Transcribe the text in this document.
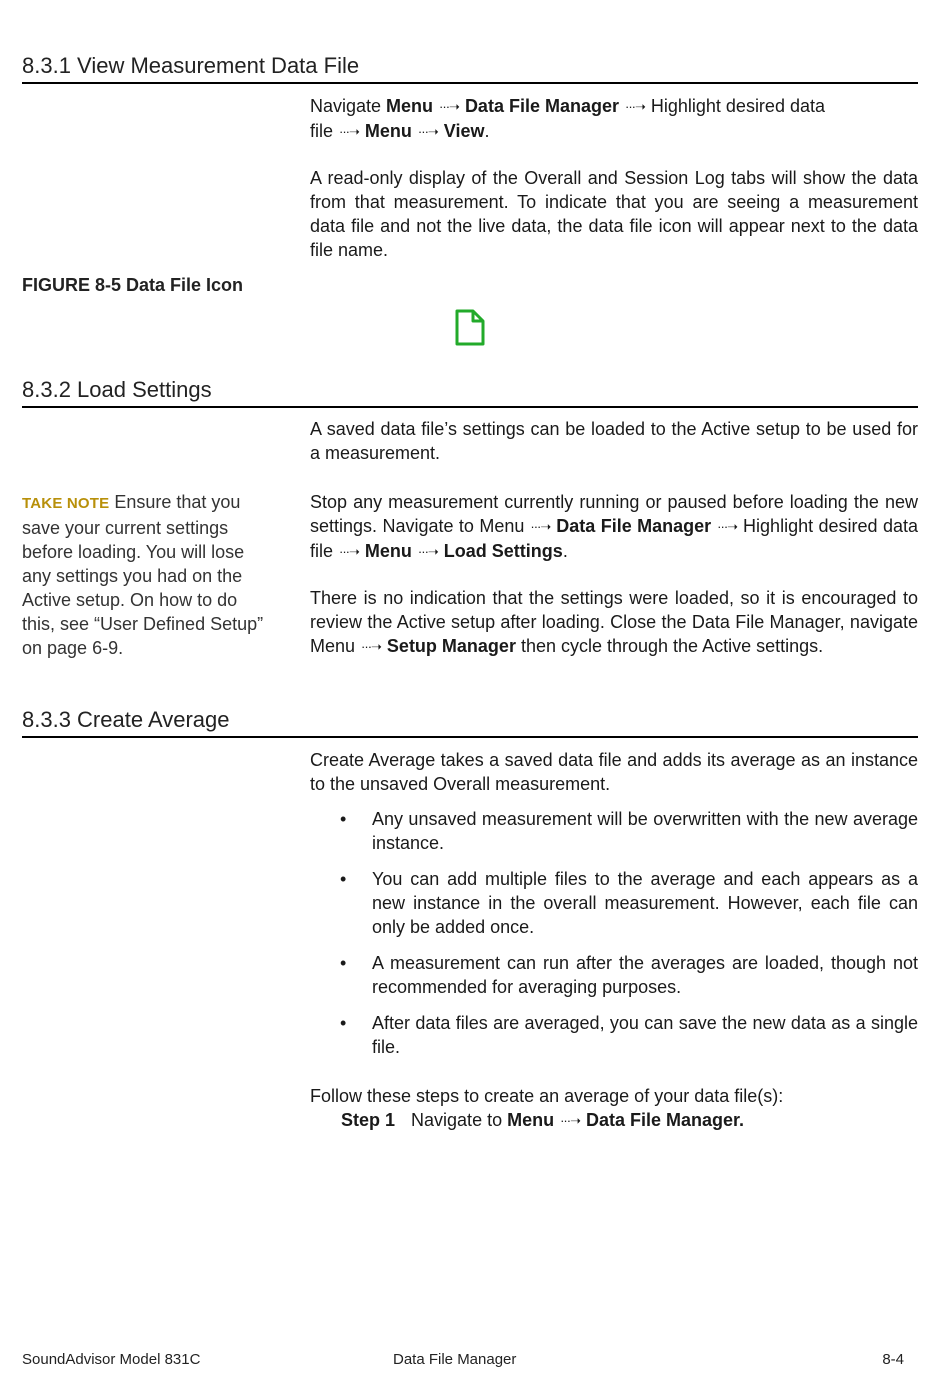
8.3.1 View Measurement Data File

Navigate Menu ···➝ Data File Manager ···➝ Highlight desired data file ···➝ Menu ···➝ View.

A read-only display of the Overall and Session Log tabs will show the data from that measurement. To indicate that you are seeing a measurement data file and not the live data, the data file icon will appear next to the data file name.

FIGURE 8-5 Data File Icon

8.3.2 Load Settings

A saved data file’s settings can be loaded to the Active setup to be used for a measurement.

TAKE NOTE Ensure that you save your current settings before loading. You will lose any settings you had on the Active setup. On how to do this, see “User Defined Setup” on page 6-9.

Stop any measurement currently running or paused before loading the new settings. Navigate to Menu ···➝ Data File Manager ···➝ Highlight desired data file ···➝ Menu ···➝ Load Settings.

There is no indication that the settings were loaded, so it is encouraged to review the Active setup after loading. Close the Data File Manager, navigate Menu ···➝ Setup Manager then cycle through the Active settings.

8.3.3 Create Average

Create Average takes a saved data file and adds its average as an instance to the unsaved Overall measurement.

• Any unsaved measurement will be overwritten with the new average instance.
• You can add multiple files to the average and each appears as a new instance in the overall measurement. However, each file can only be added once.
• A measurement can run after the averages are loaded, though not recommended for averaging purposes.
• After data files are averaged, you can save the new data as a single file.

Follow these steps to create an average of your data file(s):

Step 1 Navigate to Menu ···➝ Data File Manager.
SoundAdvisor Model 831C	Data File Manager	8-4
